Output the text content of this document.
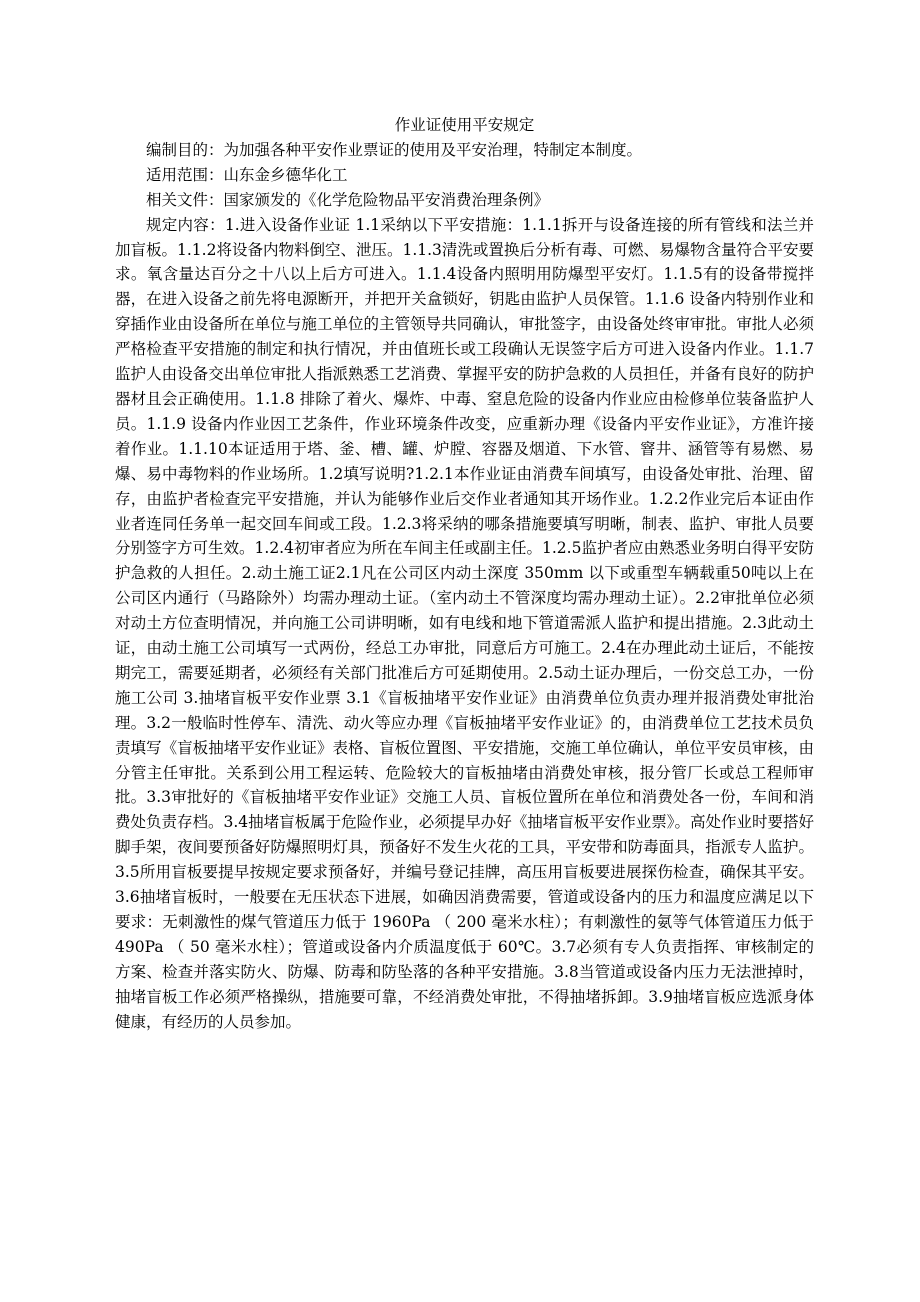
作业证使用平安规定

编制目的：为加强各种平安作业票证的使用及平安治理，特制定本制度。

适用范围：山东金乡德华化工

相关文件：国家颁发的《化学危险物品平安消费治理条例》

规定内容：1.进入设备作业证 1.1采纳以下平安措施：1.1.1拆开与设备连接的所有管线和法兰并加盲板。1.1.2将设备内物料倒空、泄压。1.1.3清洗或置换后分析有毒、可燃、易爆物含量符合平安要求。氧含量达百分之十八以上后方可进入。1.1.4设备内照明用防爆型平安灯。1.1.5有的设备带搅拌器，在进入设备之前先将电源断开，并把开关盒锁好，钥匙由监护人员保管。1.1.6 设备内特别作业和穿插作业由设备所在单位与施工单位的主管领导共同确认，审批签字，由设备处终审审批。审批人必须严格检查平安措施的制定和执行情况，并由值班长或工段确认无误签字后方可进入设备内作业。1.1.7 监护人由设备交出单位审批人指派熟悉工艺消费、掌握平安的防护急救的人员担任，并备有良好的防护器材且会正确使用。1.1.8 排除了着火、爆炸、中毒、窒息危险的设备内作业应由检修单位装备监护人员。1.1.9 设备内作业因工艺条件，作业环境条件改变，应重新办理《设备内平安作业证》，方准许接着作业。1.1.10本证适用于塔、釜、槽、罐、炉膛、容器及烟道、下水管、窨井、涵管等有易燃、易爆、易中毒物料的作业场所。1.2填写说明?1.2.1本作业证由消费车间填写，由设备处审批、治理、留存，由监护者检查完平安措施，并认为能够作业后交作业者通知其开场作业。1.2.2作业完后本证由作业者连同任务单一起交回车间或工段。1.2.3将采纳的哪条措施要填写明晰，制表、监护、审批人员要分别签字方可生效。1.2.4初审者应为所在车间主任或副主任。1.2.5监护者应由熟悉业务明白得平安防护急救的人担任。2.动土施工证2.1凡在公司区内动土深度 350mm 以下或重型车辆载重50吨以上在公司区内通行（马路除外）均需办理动土证。（室内动土不管深度均需办理动土证）。2.2审批单位必须对动土方位查明情况，并向施工公司讲明晰，如有电线和地下管道需派人监护和提出措施。2.3此动土证，由动土施工公司填写一式两份，经总工办审批，同意后方可施工。2.4在办理此动土证后，不能按期完工，需要延期者，必须经有关部门批准后方可延期使用。2.5动土证办理后，一份交总工办，一份施工公司 3.抽堵盲板平安作业票 3.1《盲板抽堵平安作业证》由消费单位负责办理并报消费处审批治理。3.2一般临时性停车、清洗、动火等应办理《盲板抽堵平安作业证》的，由消费单位工艺技术员负责填写《盲板抽堵平安作业证》表格、盲板位置图、平安措施，交施工单位确认，单位平安员审核，由分管主任审批。关系到公用工程运转、危险较大的盲板抽堵由消费处审核，报分管厂长或总工程师审批。3.3审批好的《盲板抽堵平安作业证》交施工人员、盲板位置所在单位和消费处各一份，车间和消费处负责存档。3.4抽堵盲板属于危险作业，必须提早办好《抽堵盲板平安作业票》。高处作业时要搭好脚手架，夜间要预备好防爆照明灯具，预备好不发生火花的工具，平安带和防毒面具，指派专人监护。3.5所用盲板要提早按规定要求预备好，并编号登记挂牌，高压用盲板要进展探伤检查，确保其平安。3.6抽堵盲板时，一般要在无压状态下进展，如确因消费需要，管道或设备内的压力和温度应满足以下要求：无刺激性的煤气管道压力低于 1960Pa （ 200 毫米水柱）；有刺激性的氨等气体管道压力低于 490Pa （ 50 毫米水柱）；管道或设备内介质温度低于 60℃。3.7必须有专人负责指挥、审核制定的方案、检查并落实防火、防爆、防毒和防坠落的各种平安措施。3.8当管道或设备内压力无法泄掉时，抽堵盲板工作必须严格操纵，措施要可靠，不经消费处审批，不得抽堵拆卸。3.9抽堵盲板应选派身体健康，有经历的人员参加。
